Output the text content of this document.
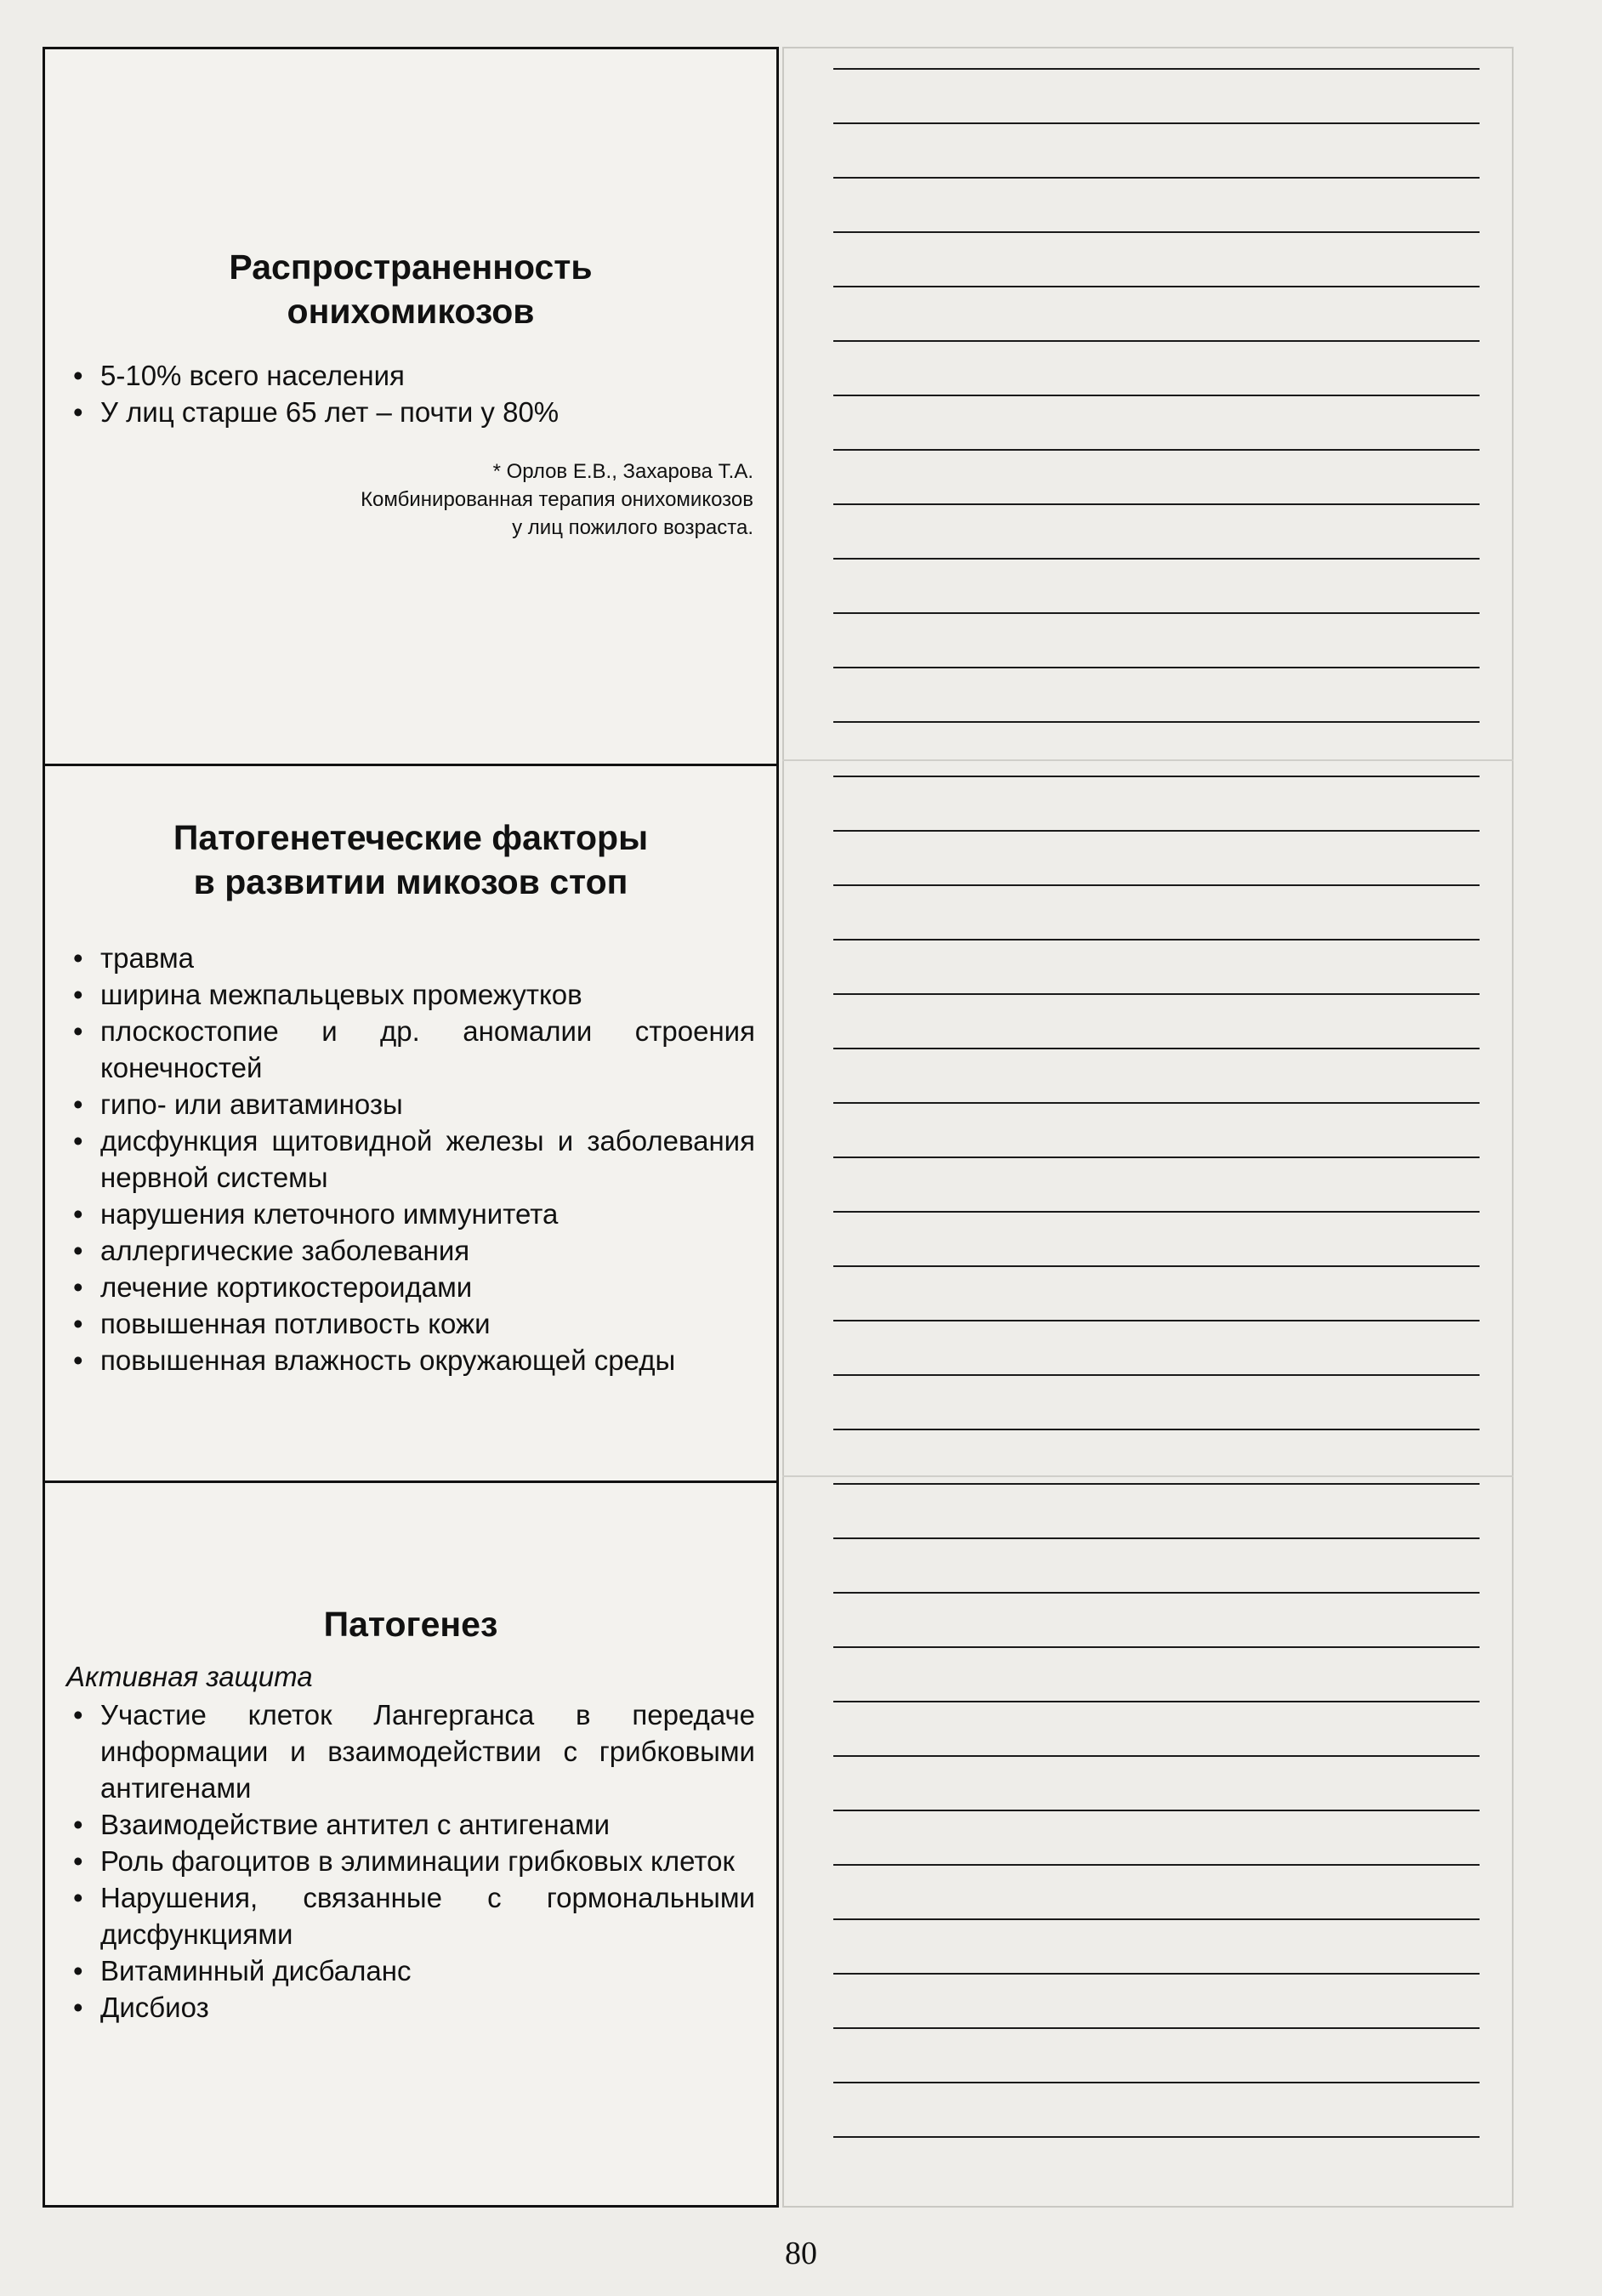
Распространенность
онихомикозов
• 5-10% всего населения
• У лиц старше 65 лет – почти у 80%
* Орлов Е.В., Захарова Т.А.
Комбинированная терапия онихомикозов
у лиц пожилого возраста.
Патогенетеческие факторы
в развитии микозов стоп
• травма
• ширина межпальцевых промежутков
• плоскостопие и др. аномалии строения конечностей
• гипо- или авитаминозы
• дисфункция щитовидной железы и заболевания нервной системы
• нарушения клеточного иммунитета
• аллергические заболевания
• лечение кортикостероидами
• повышенная потливость кожи
• повышенная влажность окружающей среды
Патогенез
Активная защита
• Участие клеток Лангерганса в передаче информации и взаимодействии с грибковыми антигенами
• Взаимодействие антител с антигенами
• Роль фагоцитов в элиминации грибковых клеток
• Нарушения, связанные с гормональными дисфункциями
• Витаминный дисбаланс
• Дисбиоз
80
